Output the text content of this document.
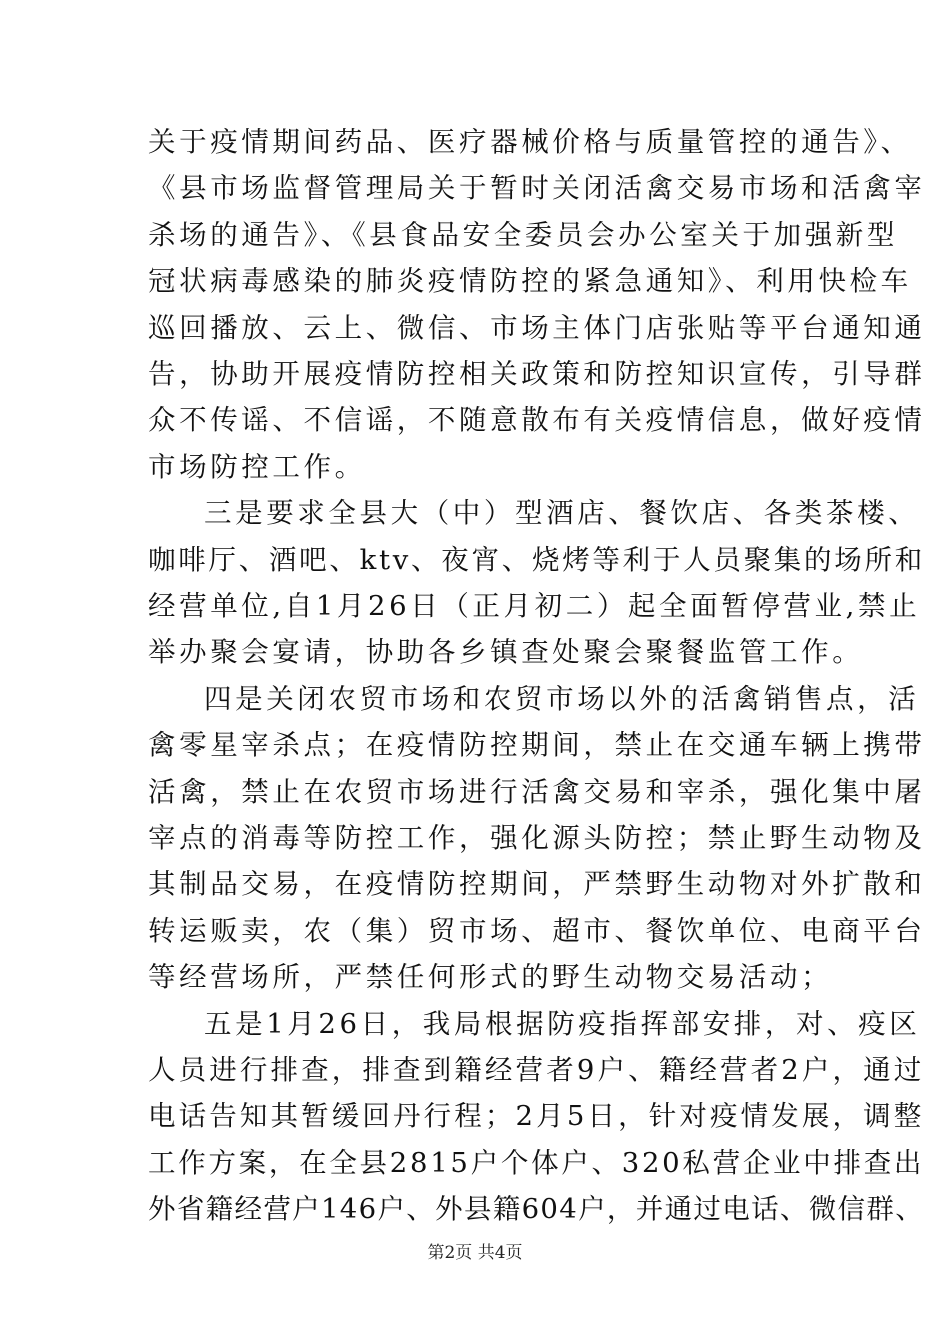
关于疫情期间药品、医疗器械价格与质量管控的通告》、
《县市场监督管理局关于暂时关闭活禽交易市场和活禽宰
杀场的通告》、《县食品安全委员会办公室关于加强新型
冠状病毒感染的肺炎疫情防控的紧急通知》、利用快检车
巡回播放、云上、微信、市场主体门店张贴等平台通知通
告，协助开展疫情防控相关政策和防控知识宣传，引导群
众不传谣、不信谣，不随意散布有关疫情信息，做好疫情
市场防控工作。
三是要求全县大（中）型酒店、餐饮店、各类茶楼、
咖啡厅、酒吧、ktv、夜宵、烧烤等利于人员聚集的场所和
经营单位,自1月26日（正月初二）起全面暂停营业,禁止
举办聚会宴请，协助各乡镇查处聚会聚餐监管工作。
四是关闭农贸市场和农贸市场以外的活禽销售点，活
禽零星宰杀点；在疫情防控期间，禁止在交通车辆上携带
活禽，禁止在农贸市场进行活禽交易和宰杀，强化集中屠
宰点的消毒等防控工作，强化源头防控；禁止野生动物及
其制品交易，在疫情防控期间，严禁野生动物对外扩散和
转运贩卖，农（集）贸市场、超市、餐饮单位、电商平台
等经营场所，严禁任何形式的野生动物交易活动；
五是1月26日，我局根据防疫指挥部安排，对、疫区
人员进行排查，排查到籍经营者9户、籍经营者2户，通过
电话告知其暂缓回丹行程；2月5日，针对疫情发展，调整
工作方案，在全县2815户个体户、320私营企业中排查出
外省籍经营户146户、外县籍604户，并通过电话、微信群、
第2页 共4页
